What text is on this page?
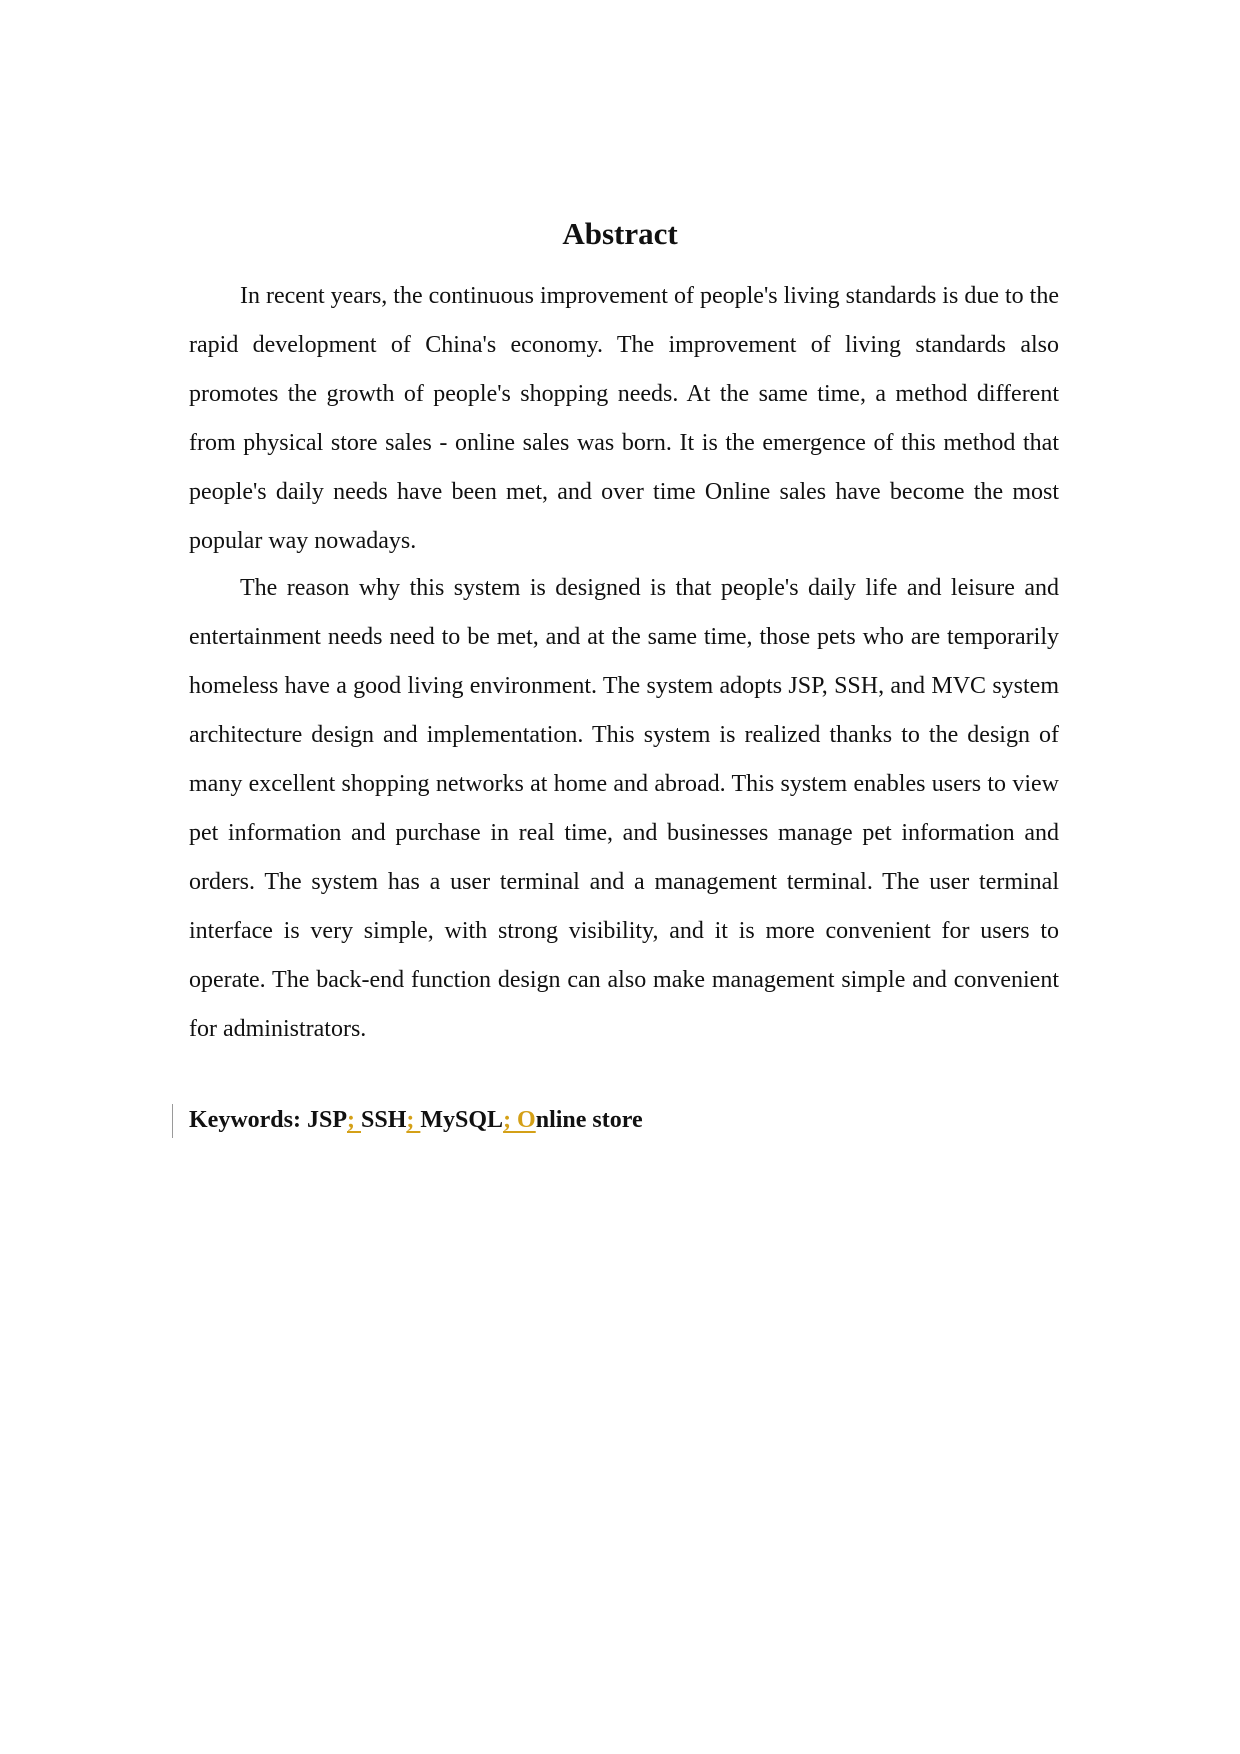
Abstract

In recent years, the continuous improvement of people's living standards is due to the rapid development of China's economy. The improvement of living standards also promotes the growth of people's shopping needs. At the same time, a method different from physical store sales - online sales was born. It is the emergence of this method that people's daily needs have been met, and over time Online sales have become the most popular way nowadays.

The reason why this system is designed is that people's daily life and leisure and entertainment needs need to be met, and at the same time, those pets who are temporarily homeless have a good living environment. The system adopts JSP, SSH, and MVC system architecture design and implementation. This system is realized thanks to the design of many excellent shopping networks at home and abroad. This system enables users to view pet information and purchase in real time, and businesses manage pet information and orders. The system has a user terminal and a management terminal. The user terminal interface is very simple, with strong visibility, and it is more convenient for users to operate. The back-end function design can also make management simple and convenient for administrators.

Keywords: JSP; SSH; MySQL; Online store
